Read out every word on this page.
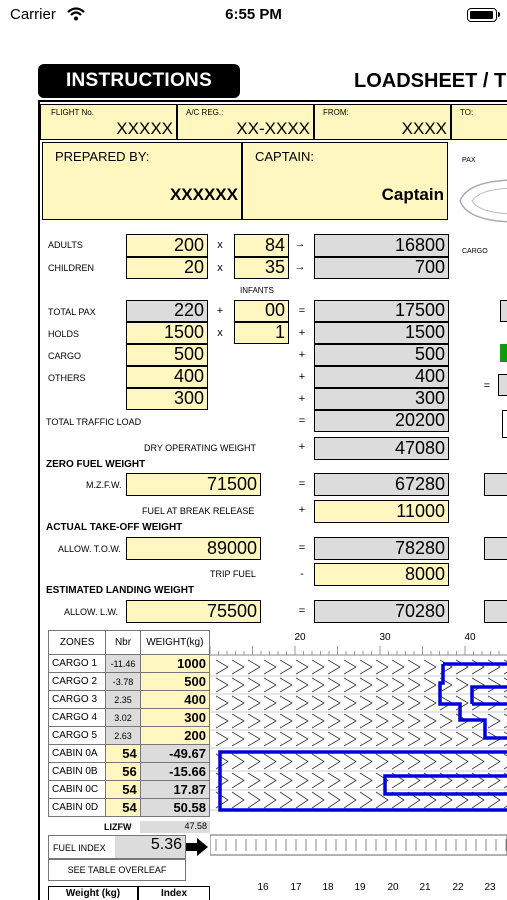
Carrier	6:55 PM
INSTRUCTIONS	LOADSHEET / T
FLIGHT No.
XXXXX
A/C REG.:
XX-XXXX
FROM:
XXXX
TO:
PREPARED BY:
XXXXXX
CAPTAIN:
Captain
PAX
CARGO
ADULTS	200 x 84 →	16800
CHILDREN	20 x 35 →	700
INFANTS
TOTAL PAX	220 + 00 =	17500
HOLDS	1500 x	1 +	1500
CARGO	500	+	500
OTHERS	400	+	400
300	+	300
TOTAL TRAFFIC LOAD	=	20200
DRY OPERATING WEIGHT	+	47080
ZERO FUEL WEIGHT
M.Z.F.W.	71500	=	67280
FUEL AT BREAK RELEASE	+	11000
ACTUAL TAKE-OFF WEIGHT
ALLOW. T.O.W.	89000	=	78280
TRIP FUEL	-	8000
ESTIMATED LANDING WEIGHT
ALLOW. L.W.	75500	=	70280
=
ZONES	Nbr	WEIGHT(kg)
CARGO 1	-11.46	1000
CARGO 2	-3.78	500
CARGO 3	2.35	400
CARGO 4	3.02	300
CARGO 5	2.63	200
CABIN 0A	54	-49.67
CABIN 0B	56	-15.66
CABIN 0C	54	17.87
CABIN 0D	54	50.58
LIZFW	47.58
FUEL INDEX	5.36
SEE TABLE OVERLEAF
Weight (kg)	Index
20	30	40
16 17 18 19 20 21 22 23
